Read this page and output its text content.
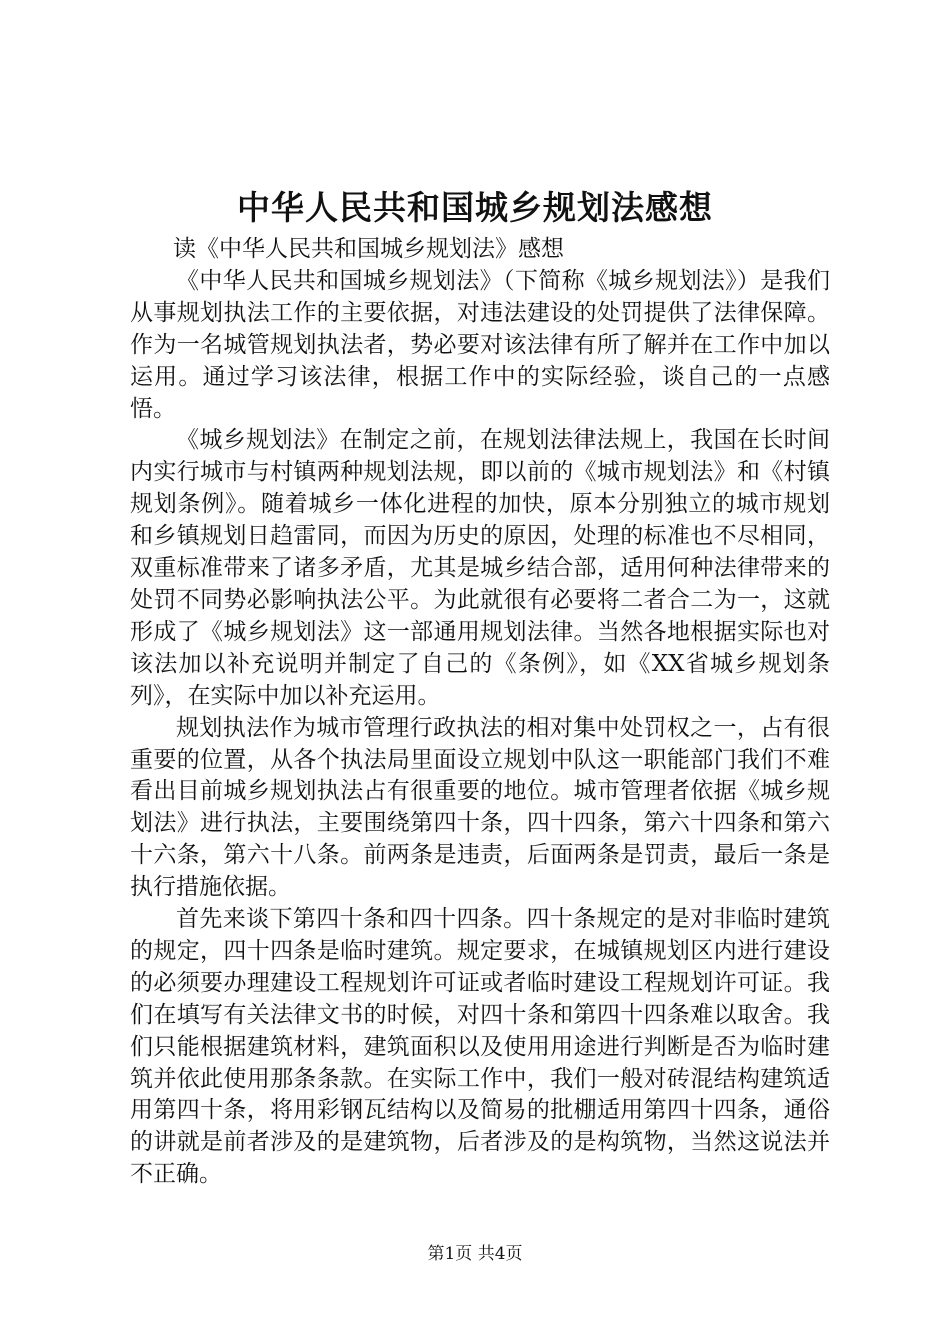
中华人民共和国城乡规划法感想

读《中华人民共和国城乡规划法》感想

《中华人民共和国城乡规划法》（下简称《城乡规划法》）是我们从事规划执法工作的主要依据，对违法建设的处罚提供了法律保障。作为一名城管规划执法者，势必要对该法律有所了解并在工作中加以运用。通过学习该法律，根据工作中的实际经验，谈自己的一点感悟。

《城乡规划法》在制定之前，在规划法律法规上，我国在长时间内实行城市与村镇两种规划法规，即以前的《城市规划法》和《村镇规划条例》。随着城乡一体化进程的加快，原本分别独立的城市规划和乡镇规划日趋雷同，而因为历史的原因，处理的标准也不尽相同，双重标准带来了诸多矛盾，尤其是城乡结合部，适用何种法律带来的处罚不同势必影响执法公平。为此就很有必要将二者合二为一，这就形成了《城乡规划法》这一部通用规划法律。当然各地根据实际也对该法加以补充说明并制定了自己的《条例》，如《XX省城乡规划条列》，在实际中加以补充运用。

规划执法作为城市管理行政执法的相对集中处罚权之一，占有很重要的位置，从各个执法局里面设立规划中队这一职能部门我们不难看出目前城乡规划执法占有很重要的地位。城市管理者依据《城乡规划法》进行执法，主要围绕第四十条，四十四条，第六十四条和第六十六条，第六十八条。前两条是违责，后面两条是罚责，最后一条是执行措施依据。

首先来谈下第四十条和四十四条。四十条规定的是对非临时建筑的规定，四十四条是临时建筑。规定要求，在城镇规划区内进行建设的必须要办理建设工程规划许可证或者临时建设工程规划许可证。我们在填写有关法律文书的时候，对四十条和第四十四条难以取舍。我们只能根据建筑材料，建筑面积以及使用用途进行判断是否为临时建筑并依此使用那条条款。在实际工作中，我们一般对砖混结构建筑适用第四十条，将用彩钢瓦结构以及简易的批棚适用第四十四条，通俗的讲就是前者涉及的是建筑物，后者涉及的是构筑物，当然这说法并不正确。

第1页 共4页
